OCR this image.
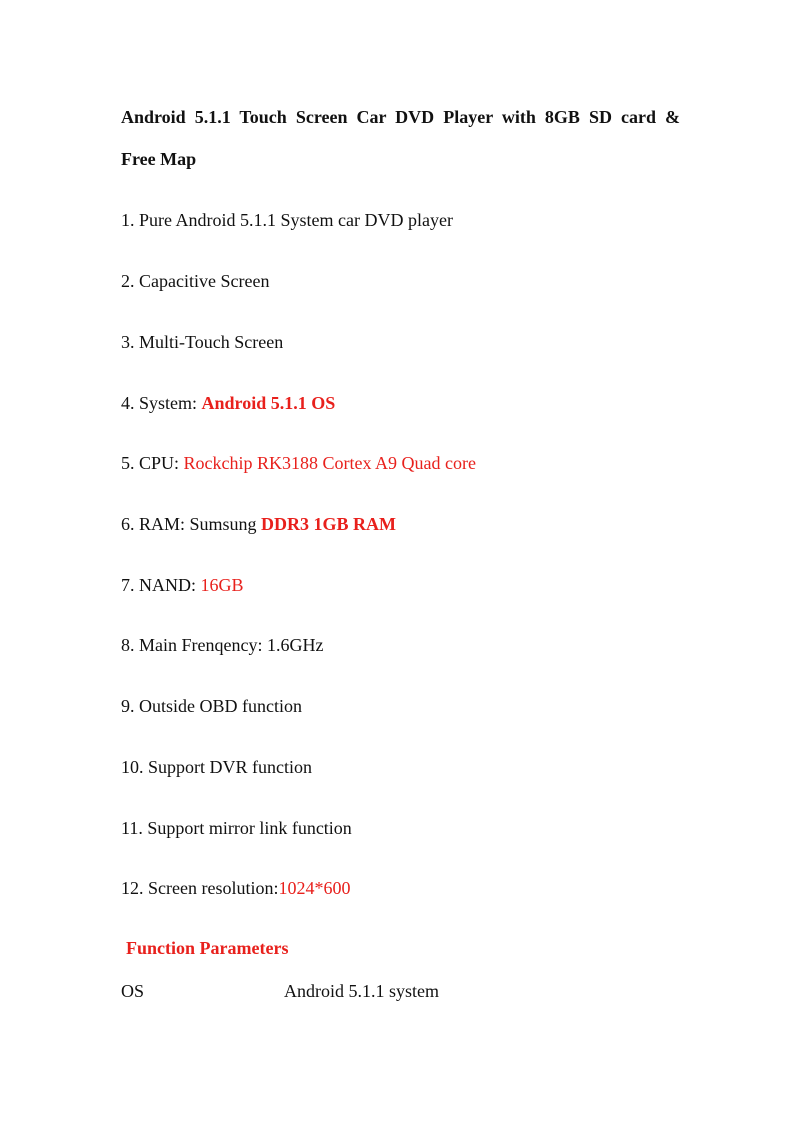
Android 5.1.1 Touch Screen Car DVD Player with 8GB SD card &
Free Map
1. Pure Android 5.1.1 System car DVD player
2. Capacitive Screen
3. Multi-Touch Screen
4. System: Android 5.1.1 OS
5. CPU: Rockchip RK3188 Cortex A9 Quad core
6. RAM: Sumsung DDR3 1GB RAM
7. NAND: 16GB
8. Main Frenqency: 1.6GHz
9. Outside OBD function
10. Support DVR function
11. Support mirror link function
12. Screen resolution:1024*600
Function Parameters
OS	Android 5.1.1 system
